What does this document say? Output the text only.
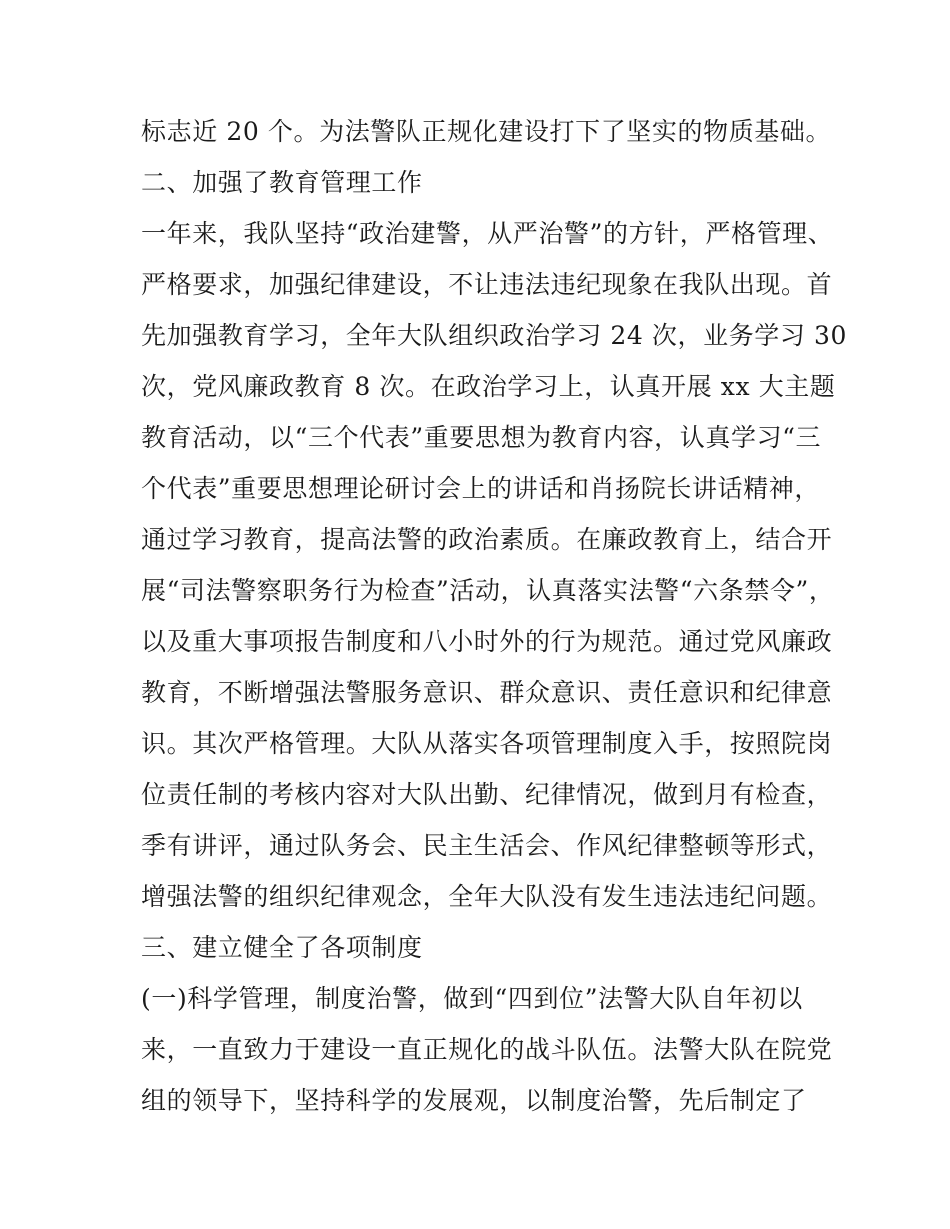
标志近 20 个。为法警队正规化建设打下了坚实的物质基础。
二、加强了教育管理工作
一年来，我队坚持“政治建警，从严治警”的方针，严格管理、
严格要求，加强纪律建设，不让违法违纪现象在我队出现。首
先加强教育学习，全年大队组织政治学习 24 次，业务学习 30
次，党风廉政教育 8 次。在政治学习上，认真开展 xx 大主题
教育活动，以“三个代表”重要思想为教育内容，认真学习“三
个代表”重要思想理论研讨会上的讲话和肖扬院长讲话精神，
通过学习教育，提高法警的政治素质。在廉政教育上，结合开
展“司法警察职务行为检查”活动，认真落实法警“六条禁令”，
以及重大事项报告制度和八小时外的行为规范。通过党风廉政
教育，不断增强法警服务意识、群众意识、责任意识和纪律意
识。其次严格管理。大队从落实各项管理制度入手，按照院岗
位责任制的考核内容对大队出勤、纪律情况，做到月有检查，
季有讲评，通过队务会、民主生活会、作风纪律整顿等形式，
增强法警的组织纪律观念，全年大队没有发生违法违纪问题。
三、建立健全了各项制度
(一)科学管理，制度治警，做到“四到位”法警大队自年初以
来，一直致力于建设一直正规化的战斗队伍。法警大队在院党
组的领导下，坚持科学的发展观，以制度治警，先后制定了
